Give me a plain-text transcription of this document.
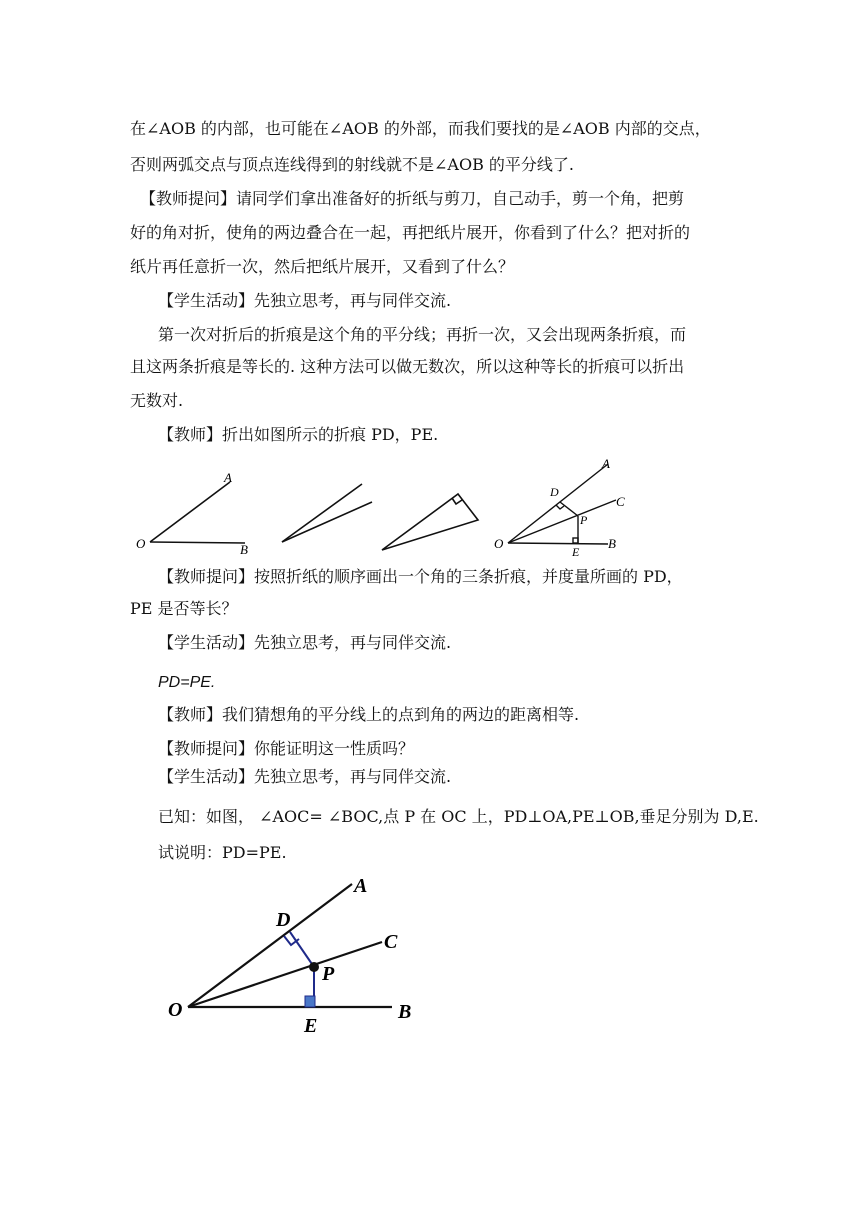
在∠AOB 的内部，也可能在∠AOB 的外部，而我们要找的是∠AOB 内部的交点，
否则两弧交点与顶点连线得到的射线就不是∠AOB 的平分线了.
【教师提问】请同学们拿出准备好的折纸与剪刀，自己动手，剪一个角，把剪
好的角对折，使角的两边叠合在一起，再把纸片展开，你看到了什么？把对折的
纸片再任意折一次，然后把纸片展开，又看到了什么？
【学生活动】先独立思考，再与同伴交流.
第一次对折后的折痕是这个角的平分线；再折一次，又会出现两条折痕，而
且这两条折痕是等长的. 这种方法可以做无数次，所以这种等长的折痕可以折出
无数对.
【教师】折出如图所示的折痕 PD，PE.
O
A
B	O
A
C
D
P
E
B
【教师提问】按照折纸的顺序画出一个角的三条折痕，并度量所画的 PD，
PE 是否等长？
【学生活动】先独立思考，再与同伴交流.
PD=PE.
【教师】我们猜想角的平分线上的点到角的两边的距离相等.
【教师提问】你能证明这一性质吗？
【学生活动】先独立思考，再与同伴交流.
已知：如图， ∠AOC= ∠BOC,点 P 在 OC 上，PD⊥OA,PE⊥OB,垂足分别为 D,E.
试说明：PD=PE.
O
A
C
D
P
E
B
